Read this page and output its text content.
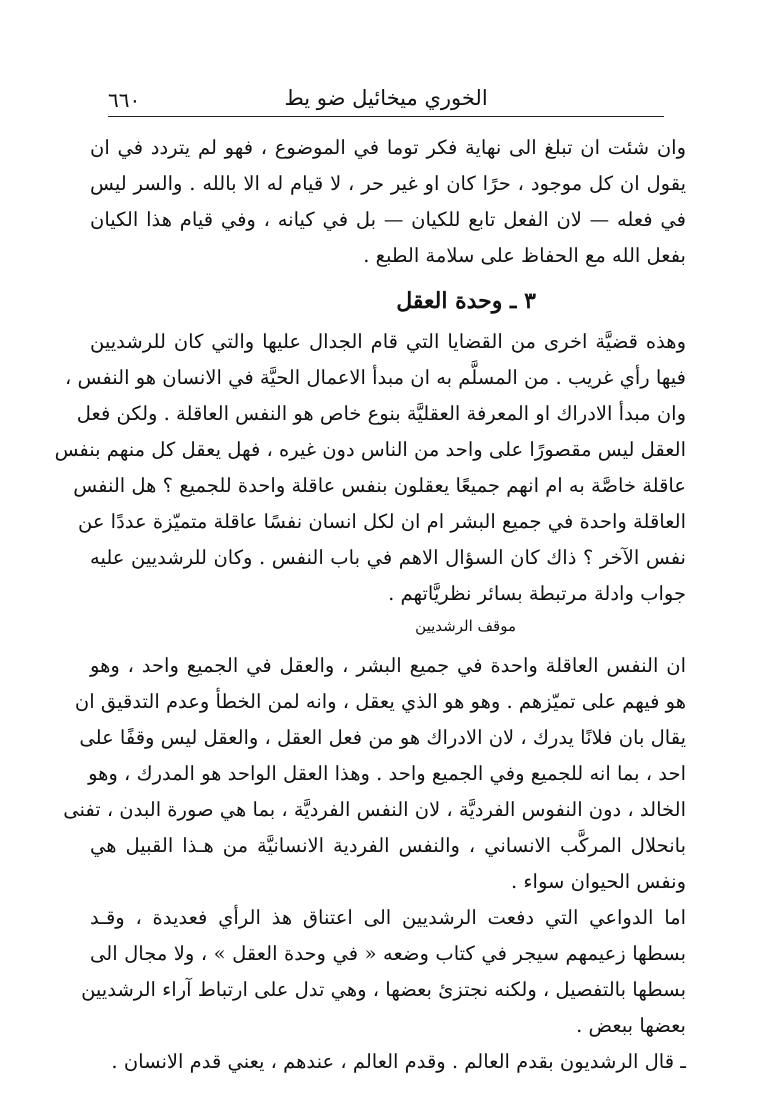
الخوري ميخائيل ضو يط
٦٦٠
وان شئت ان تبلغ الى نهاية فكر توما في الموضوع ، فهو لم يتردد في ان
يقول ان كل موجود ، حرًا كان او غير حر ، لا قيام له الا بالله . والسر ليس
في فعله — لان الفعل تابع للكيان — بل في كيانه ، وفي قيام هذا الكيان
بفعل الله مع الحفاظ على سلامة الطبع .
٣ ـ وحدة العقل
وهذه قضيَّة اخرى من القضايا التي قام الجدال عليها والتي كان للرشديين
فيها رأي غريب . من المسلَّم به ان مبدأ الاعمال الحيَّة في الانسان هو النفس ،
وان مبدأ الادراك او المعرفة العقليَّة بنوع خاص هو النفس العاقلة . ولكن فعل
العقل ليس مقصورًا على واحد من الناس دون غيره ، فهل يعقل كل منهم بنفس
عاقلة خاصَّة به ام انهم جميعًا يعقلون بنفس عاقلة واحدة للجميع ؟ هل النفس
العاقلة واحدة في جميع البشر ام ان لكل انسان نفسًا عاقلة متميّزة عددًا عن
نفس الآخر ؟ ذاك كان السؤال الاهم في باب النفس . وكان للرشديين عليه
جواب وادلة مرتبطة بسائر نظريَّاتهم .
موقف الرشديين
ان النفس العاقلة واحدة في جميع البشر ، والعقل في الجميع واحد ، وهو
هو فيهم على تميّزهم . وهو هو الذي يعقل ، وانه لمن الخطأ وعدم التدقيق ان
يقال بان فلانًا يدرك ، لان الادراك هو من فعل العقل ، والعقل ليس وقفًا على
احد ، بما انه للجميع وفي الجميع واحد . وهذا العقل الواحد هو المدرك ، وهو
الخالد ، دون النفوس الفرديَّة ، لان النفس الفرديَّة ، بما هي صورة البدن ، تفنى
بانحلال المركَّب الانساني ، والنفس الفردية الانسانيَّة من هـذا القبيل هي
ونفس الحيوان سواء .
اما الدواعي التي دفعت الرشديين الى اعتناق هذ الرأي فعديدة ، وقـد
بسطها زعيمهم سيجر في كتاب وضعه « في وحدة العقل » ، ولا مجال الى
بسطها بالتفصيل ، ولكنه نجتزئ بعضها ، وهي تدل على ارتباط آراء الرشديين
بعضها ببعض .
ـ قال الرشديون بقدم العالم . وقدم العالم ، عندهم ، يعني قدم الانسان .
